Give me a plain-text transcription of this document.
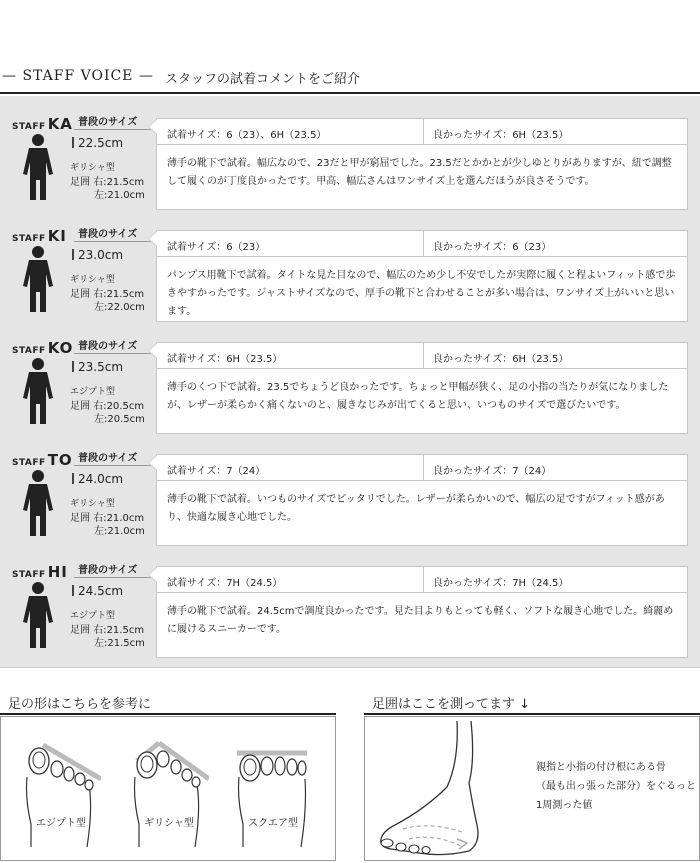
— STAFF VOICE — スタッフの試着コメントをご紹介
STAFF KA 普段のサイズ
22.5cm
ギリシャ型
足囲 右:21.5cm
左:21.0cm
試着サイズ：6（23）、6H（23.5）	良かったサイズ：6H（23.5）
薄手の靴下で試着。幅広なので、23だと甲が窮屈でした。23.5だとかかとが少しゆとりがありますが、紐で調整して履くのが丁度良かったです。甲高、幅広さんはワンサイズ上を選んだほうが良さそうです。
STAFF KI 普段のサイズ
23.0cm
ギリシャ型
足囲 右:21.5cm
左:22.0cm
試着サイズ：6（23）	良かったサイズ：6（23）
パンプス用靴下で試着。タイトな見た目なので、幅広のため少し不安でしたが実際に履くと程よいフィット感で歩きやすかったです。ジャストサイズなので、厚手の靴下と合わせることが多い場合は、ワンサイズ上がいいと思います。
STAFF KO 普段のサイズ
23.5cm
エジプト型
足囲 右:20.5cm
左:20.5cm
試着サイズ：6H（23.5）	良かったサイズ：6H（23.5）
薄手のくつ下で試着。23.5でちょうど良かったです。ちょっと甲幅が狭く、足の小指の当たりが気になりましたが、レザーが柔らかく痛くないのと、履きなじみが出てくると思い、いつものサイズで選びたいです。
STAFF TO 普段のサイズ
24.0cm
ギリシャ型
足囲 右:21.0cm
左:21.0cm
試着サイズ：7（24）	良かったサイズ：7（24）
薄手の靴下で試着。いつものサイズでピッタリでした。レザーが柔らかいので、幅広の足ですがフィット感があり、快適な履き心地でした。
STAFF HI 普段のサイズ
24.5cm
エジプト型
足囲 右:21.5cm
左:21.5cm
試着サイズ：7H（24.5）	良かったサイズ：7H（24.5）
薄手の靴下で試着。24.5cmで調度良かったです。見た目よりもとっても軽く、ソフトな履き心地でした。綺麗めに履けるスニーカーです。
足の形はこちらを参考に
エジプト型	ギリシャ型	スクエア型
足囲はここを測ってます ↓
親指と小指の付け根にある骨
（最も出っ張った部分）をぐるっと
1周測った値
